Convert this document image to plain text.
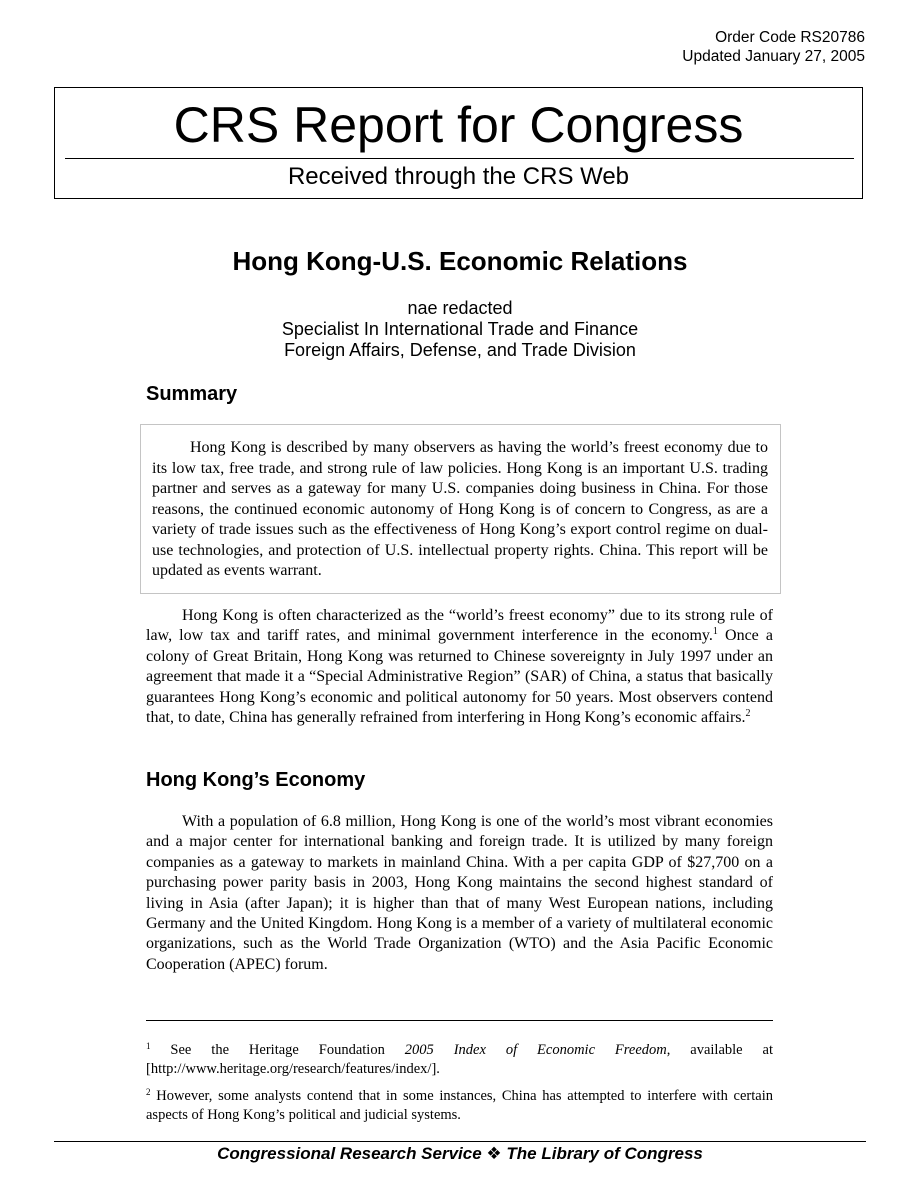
Order Code RS20786
Updated January 27, 2005
CRS Report for Congress
Received through the CRS Web
Hong Kong-U.S. Economic Relations
nae redacted
Specialist In International Trade and Finance
Foreign Affairs, Defense, and Trade Division
Summary

Hong Kong is described by many observers as having the world’s freest economy due to its low tax, free trade, and strong rule of law policies. Hong Kong is an important U.S. trading partner and serves as a gateway for many U.S. companies doing business in China. For those reasons, the continued economic autonomy of Hong Kong is of concern to Congress, as are a variety of trade issues such as the effectiveness of Hong Kong’s export control regime on dual-use technologies, and protection of U.S. intellectual property rights. China. This report will be updated as events warrant.

Hong Kong is often characterized as the “world’s freest economy” due to its strong rule of law, low tax and tariff rates, and minimal government interference in the economy.$^1$ Once a colony of Great Britain, Hong Kong was returned to Chinese sovereignty in July 1997 under an agreement that made it a “Special Administrative Region” (SAR) of China, a status that basically guarantees Hong Kong’s economic and political autonomy for 50 years. Most observers contend that, to date, China has generally refrained from interfering in Hong Kong’s economic affairs.$^2$

Hong Kong’s Economy

With a population of 6.8 million, Hong Kong is one of the world’s most vibrant economies and a major center for international banking and foreign trade. It is utilized by many foreign companies as a gateway to markets in mainland China. With a per capita GDP of $27,700 on a purchasing power parity basis in 2003, Hong Kong maintains the second highest standard of living in Asia (after Japan); it is higher than that of many West European nations, including Germany and the United Kingdom. Hong Kong is a member of a variety of multilateral economic organizations, such as the World Trade Organization (WTO) and the Asia Pacific Economic Cooperation (APEC) forum.

$^1$ See the Heritage Foundation 2005 Index of Economic Freedom, available at [http://www.heritage.org/research/features/index/].

$^2$ However, some analysts contend that in some instances, China has attempted to interfere with certain aspects of Hong Kong’s political and judicial systems.

Congressional Research Service ❖ The Library of Congress
